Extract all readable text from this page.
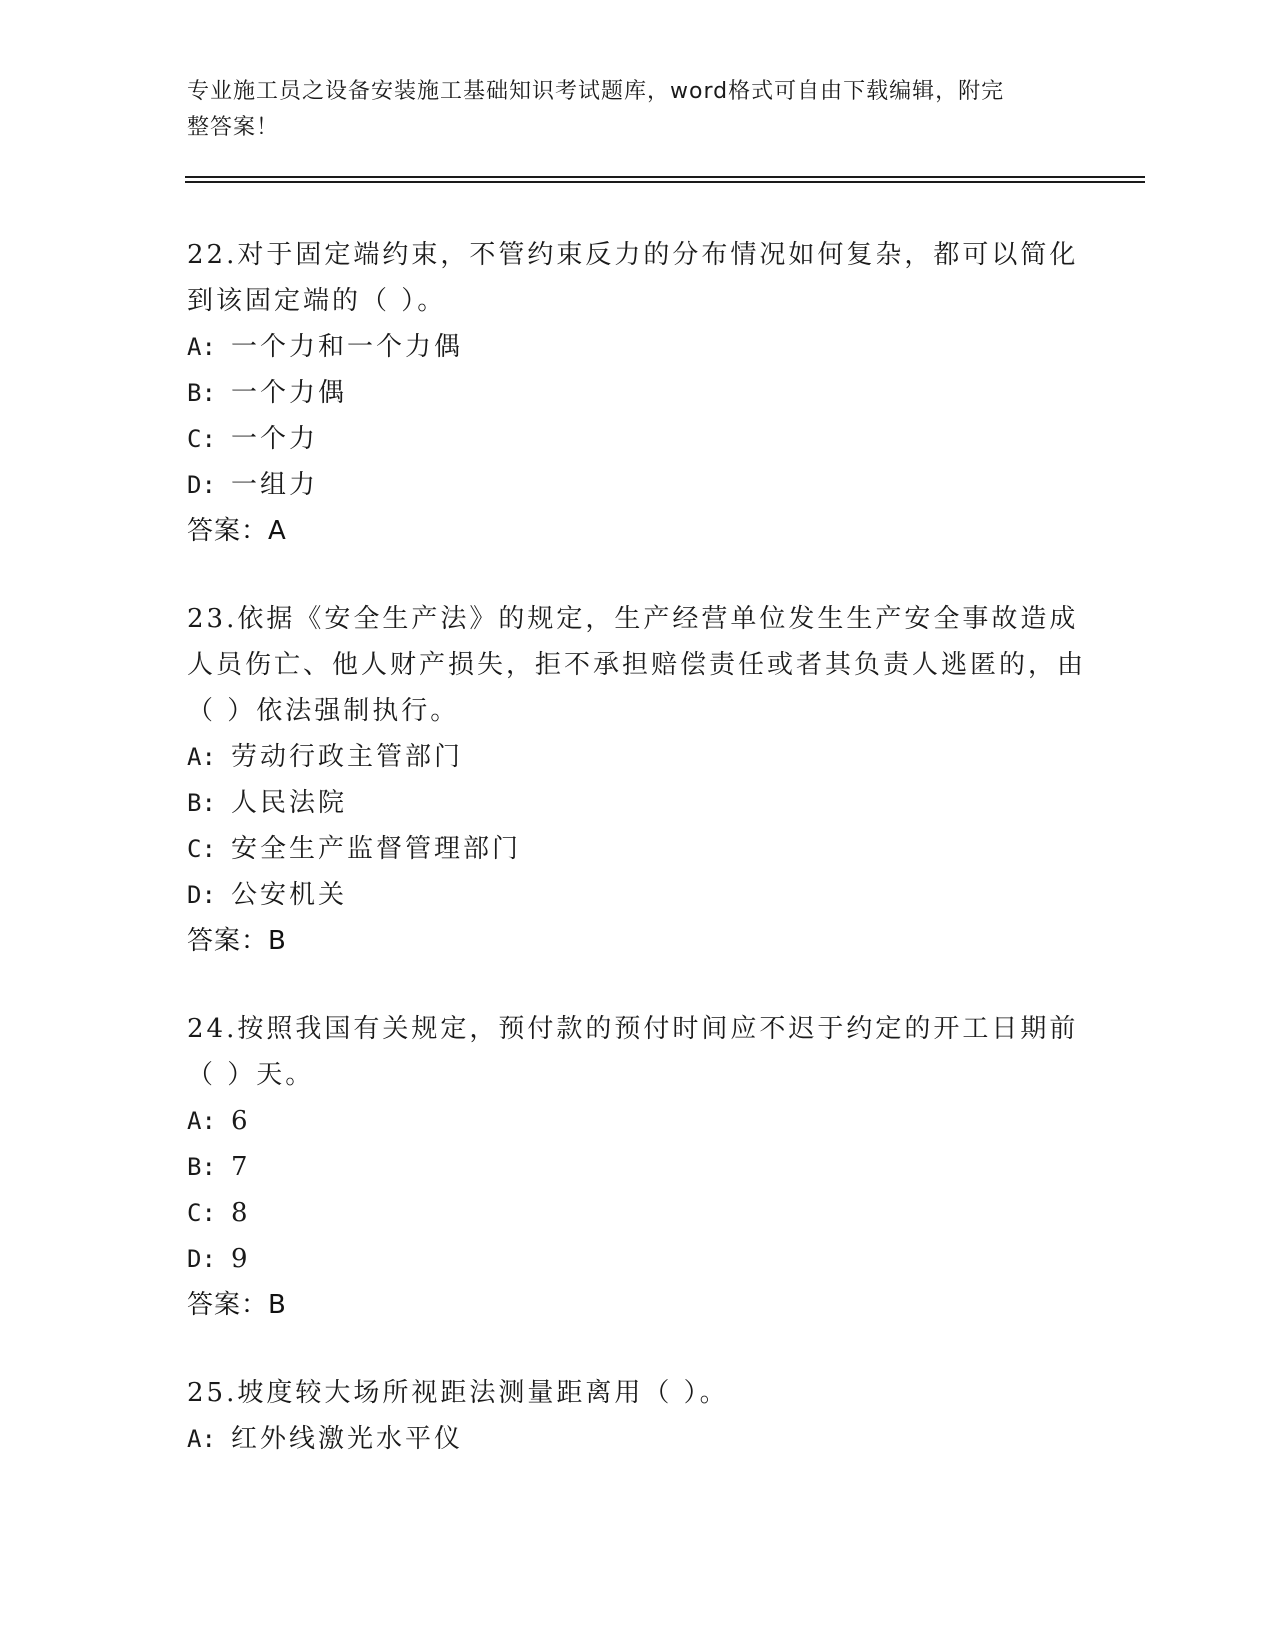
专业施工员之设备安装施工基础知识考试题库，word格式可自由下载编辑，附完
整答案！

22.对于固定端约束，不管约束反力的分布情况如何复杂，都可以简化到该固定端的（ ）。

A: 一个力和一个力偶
B: 一个力偶
C: 一个力
D: 一组力
答案：A

23.依据《安全生产法》的规定，生产经营单位发生生产安全事故造成人员伤亡、他人财产损失，拒不承担赔偿责任或者其负责人逃匿的，由（ ）依法强制执行。

A: 劳动行政主管部门
B: 人民法院
C: 安全生产监督管理部门
D: 公安机关
答案：B

24.按照我国有关规定，预付款的预付时间应不迟于约定的开工日期前（ ）天。

A: 6
B: 7
C: 8
D: 9
答案：B

25.坡度较大场所视距法测量距离用（ ）。

A: 红外线激光水平仪
